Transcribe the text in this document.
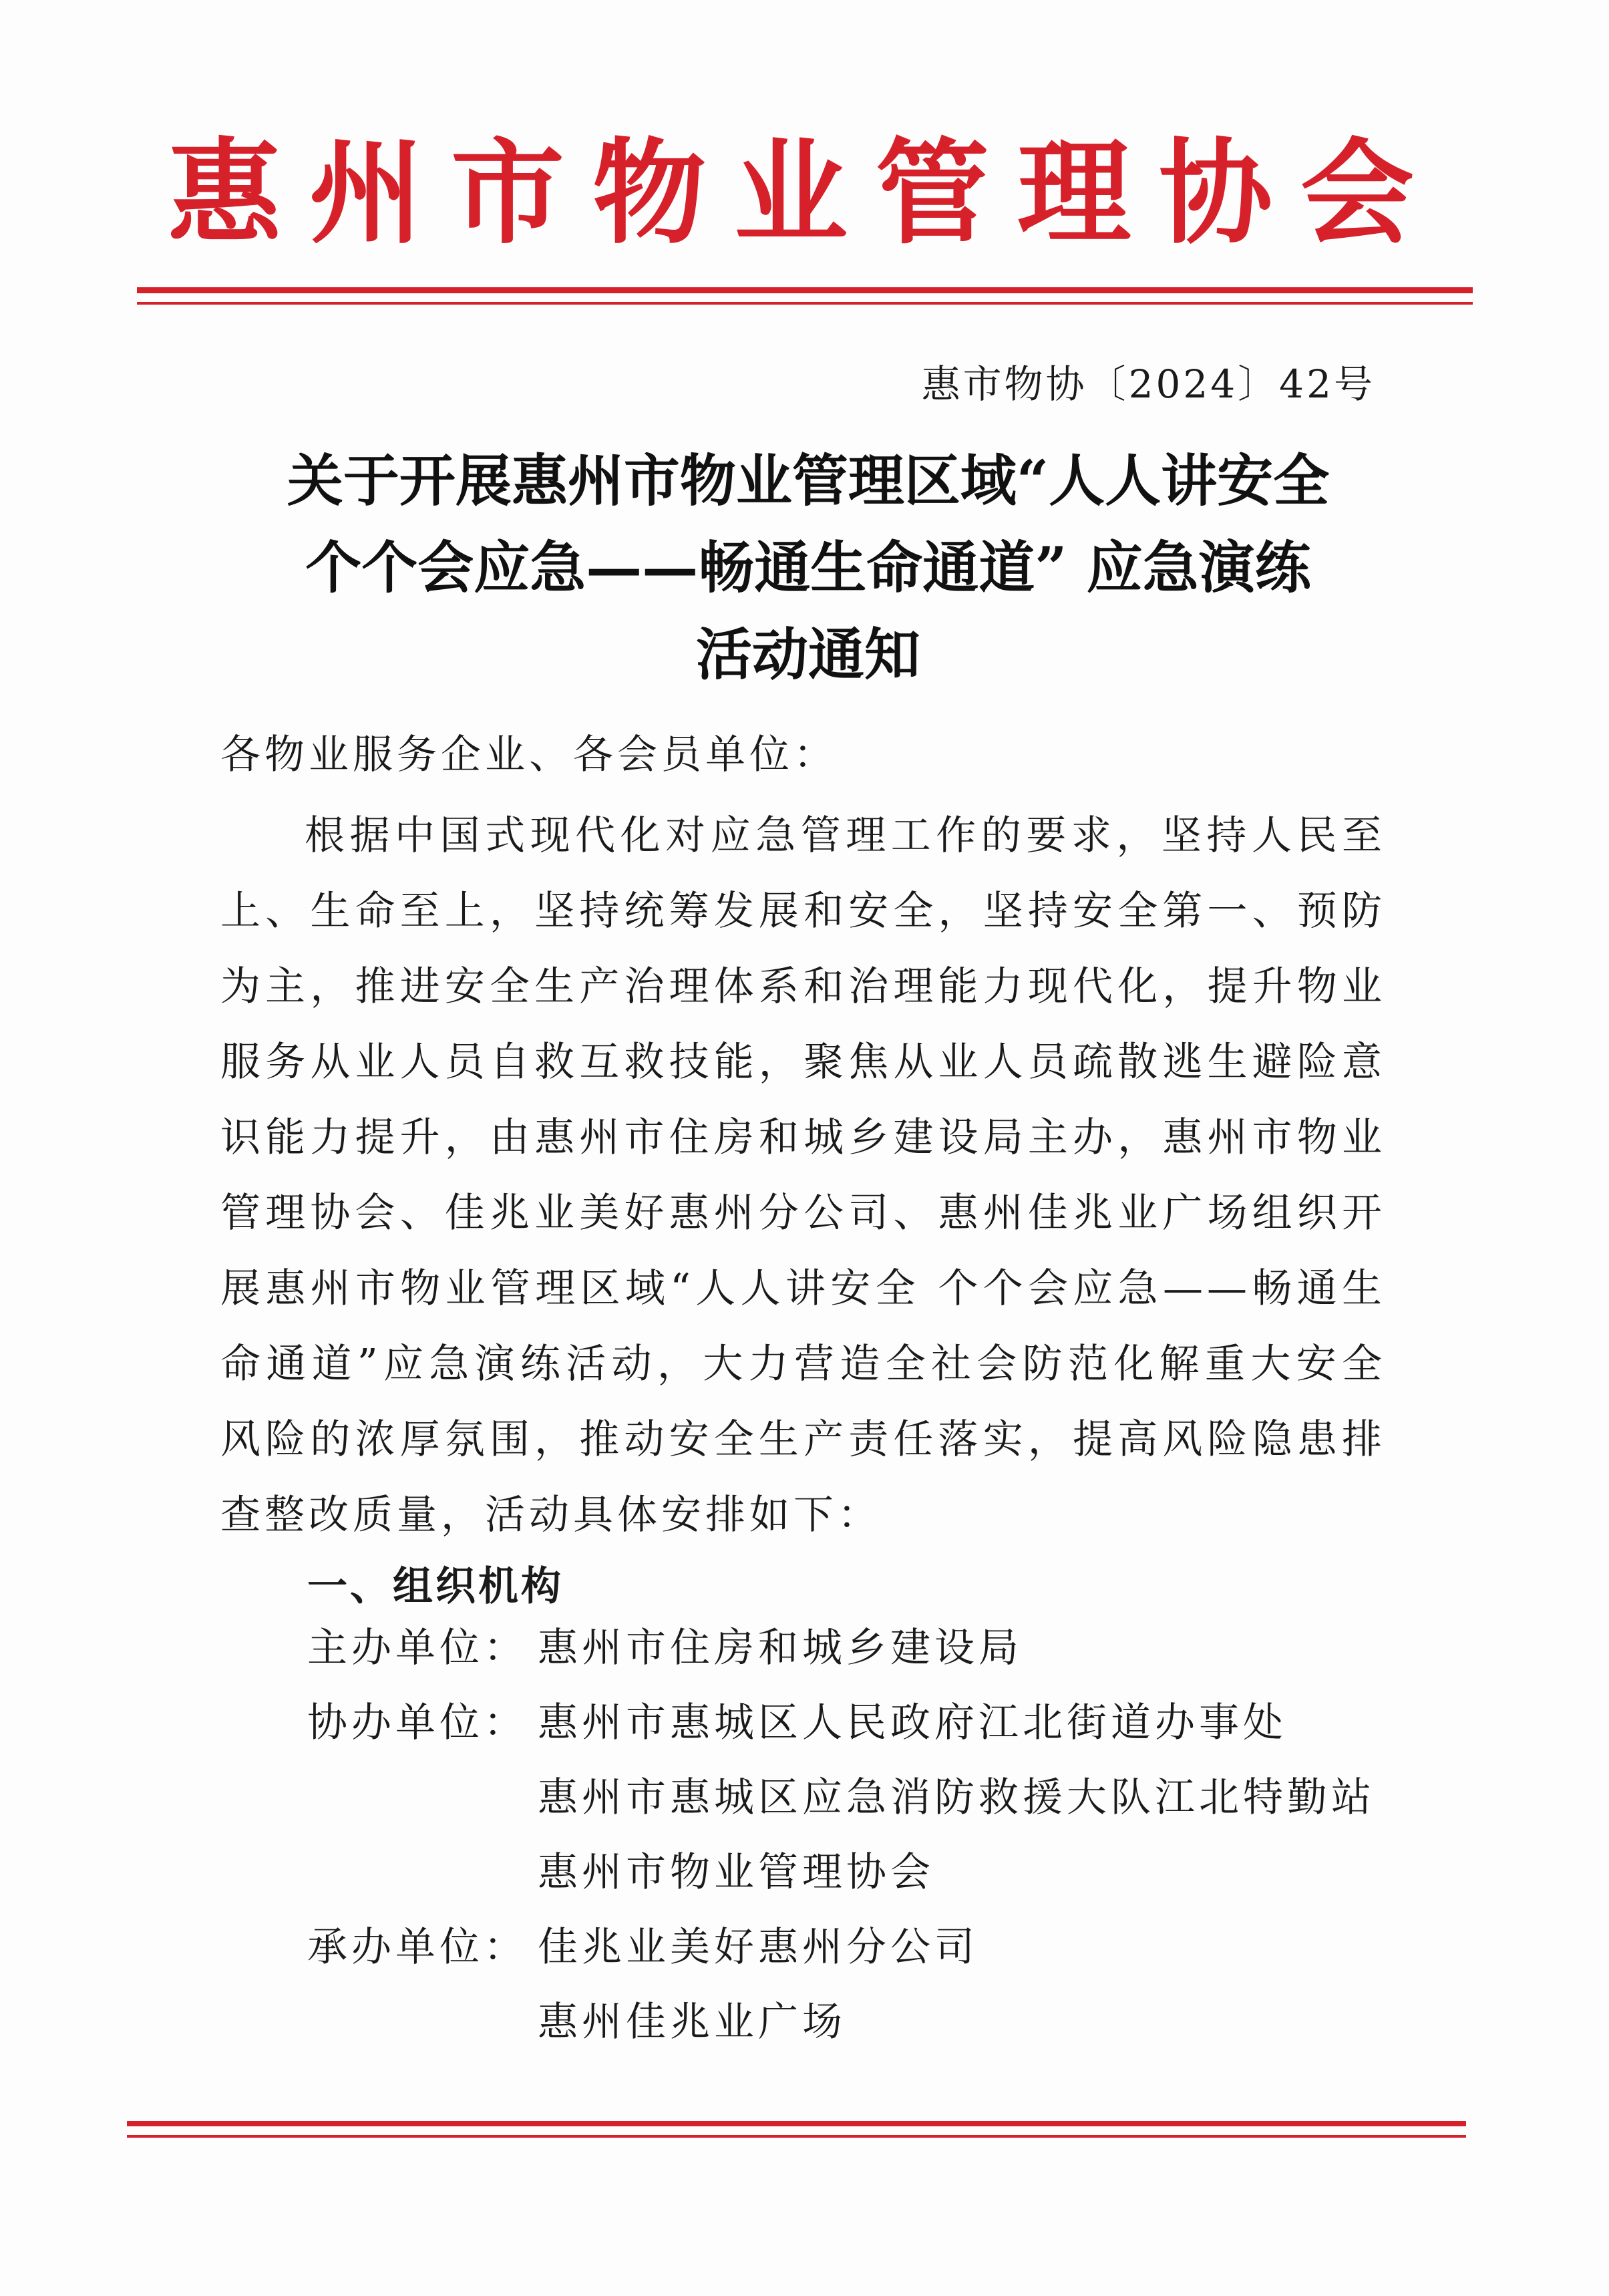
惠州市物业管理协会
惠市物协〔2024〕42号
关于开展惠州市物业管理区域“人人讲安全
个个会应急——畅通生命通道” 应急演练
活动通知
各物业服务企业、各会员单位：
根据中国式现代化对应急管理工作的要求，坚持人民至上、生命至上，坚持统筹发展和安全，坚持安全第一、预防为主，推进安全生产治理体系和治理能力现代化，提升物业服务从业人员自救互救技能，聚焦从业人员疏散逃生避险意识能力提升，由惠州市住房和城乡建设局主办，惠州市物业管理协会、佳兆业美好惠州分公司、惠州佳兆业广场组织开展惠州市物业管理区域“人人讲安全 个个会应急——畅通生命通道”应急演练活动，大力营造全社会防范化解重大安全风险的浓厚氛围，推动安全生产责任落实，提高风险隐患排查整改质量，活动具体安排如下：
一、组织机构
主办单位： 惠州市住房和城乡建设局
协办单位： 惠州市惠城区人民政府江北街道办事处
惠州市惠城区应急消防救援大队江北特勤站
惠州市物业管理协会
承办单位： 佳兆业美好惠州分公司
惠州佳兆业广场
